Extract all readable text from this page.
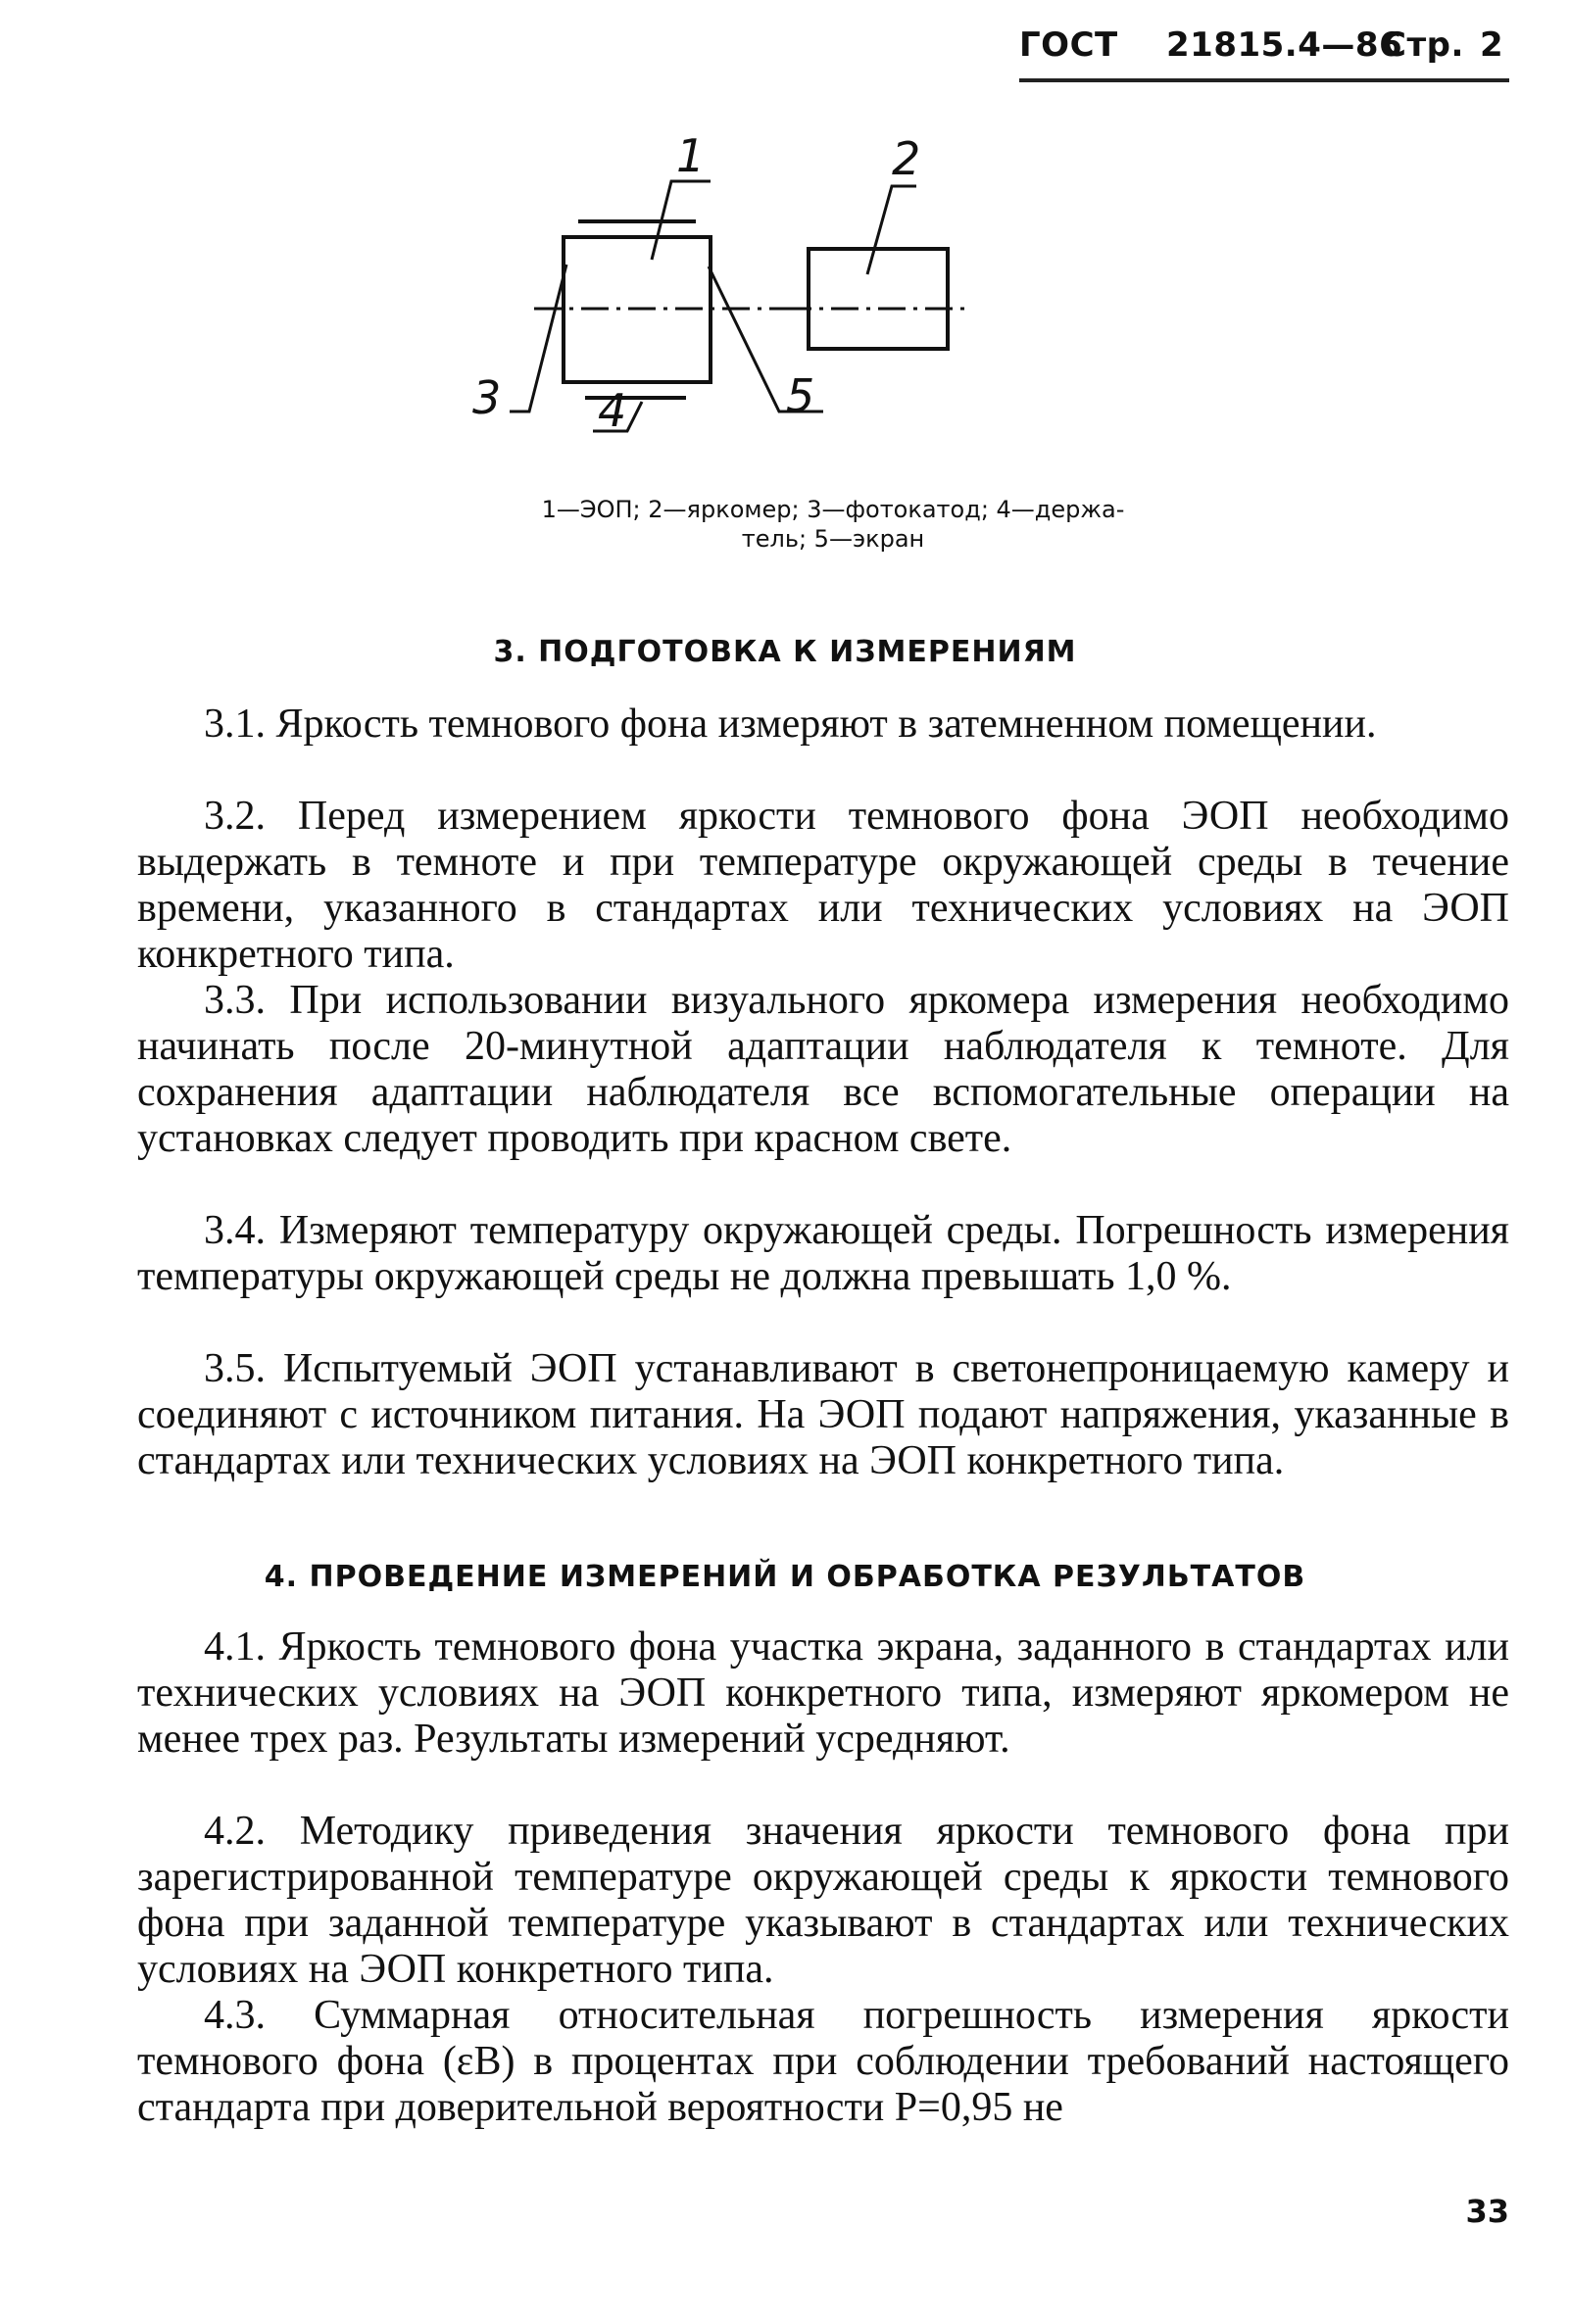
ГОСТ 21815.4—86
Стр. 2
1	2
3 4	5
1—ЭОП; 2—яркомер; 3—фотокатод; 4—держа-
тель; 5—экран
3. ПОДГОТОВКА К ИЗМЕРЕНИЯМ
3.1. Яркость темнового фона измеряют в затемненном помещении.
3.2. Перед измерением яркости темнового фона ЭОП необходимо выдержать в темноте и при температуре окружающей среды в течение времени, указанного в стандартах или технических условиях на ЭОП конкретного типа.
3.3. При использовании визуального яркомера измерения необходимо начинать после 20-минутной адаптации наблюдателя к темноте. Для сохранения адаптации наблюдателя все вспомогательные операции на установках следует проводить при красном свете.
3.4. Измеряют температуру окружающей среды. Погрешность измерения температуры окружающей среды не должна превышать 1,0 %.
3.5. Испытуемый ЭОП устанавливают в светонепроницаемую камеру и соединяют с источником питания. На ЭОП подают напряжения, указанные в стандартах или технических условиях на ЭОП конкретного типа.
4. ПРОВЕДЕНИЕ ИЗМЕРЕНИЙ И ОБРАБОТКА РЕЗУЛЬТАТОВ
4.1. Яркость темнового фона участка экрана, заданного в стандартах или технических условиях на ЭОП конкретного типа, измеряют яркомером не менее трех раз. Результаты измерений усредняют.
4.2. Методику приведения значения яркости темнового фона при зарегистрированной температуре окружающей среды к яркости темнового фона при заданной температуре указывают в стандартах или технических условиях на ЭОП конкретного типа.
4.3. Суммарная относительная погрешность измерения яркости темнового фона (εВ) в процентах при соблюдении требований настоящего стандарта при доверительной вероятности Р=0,95 не
33
